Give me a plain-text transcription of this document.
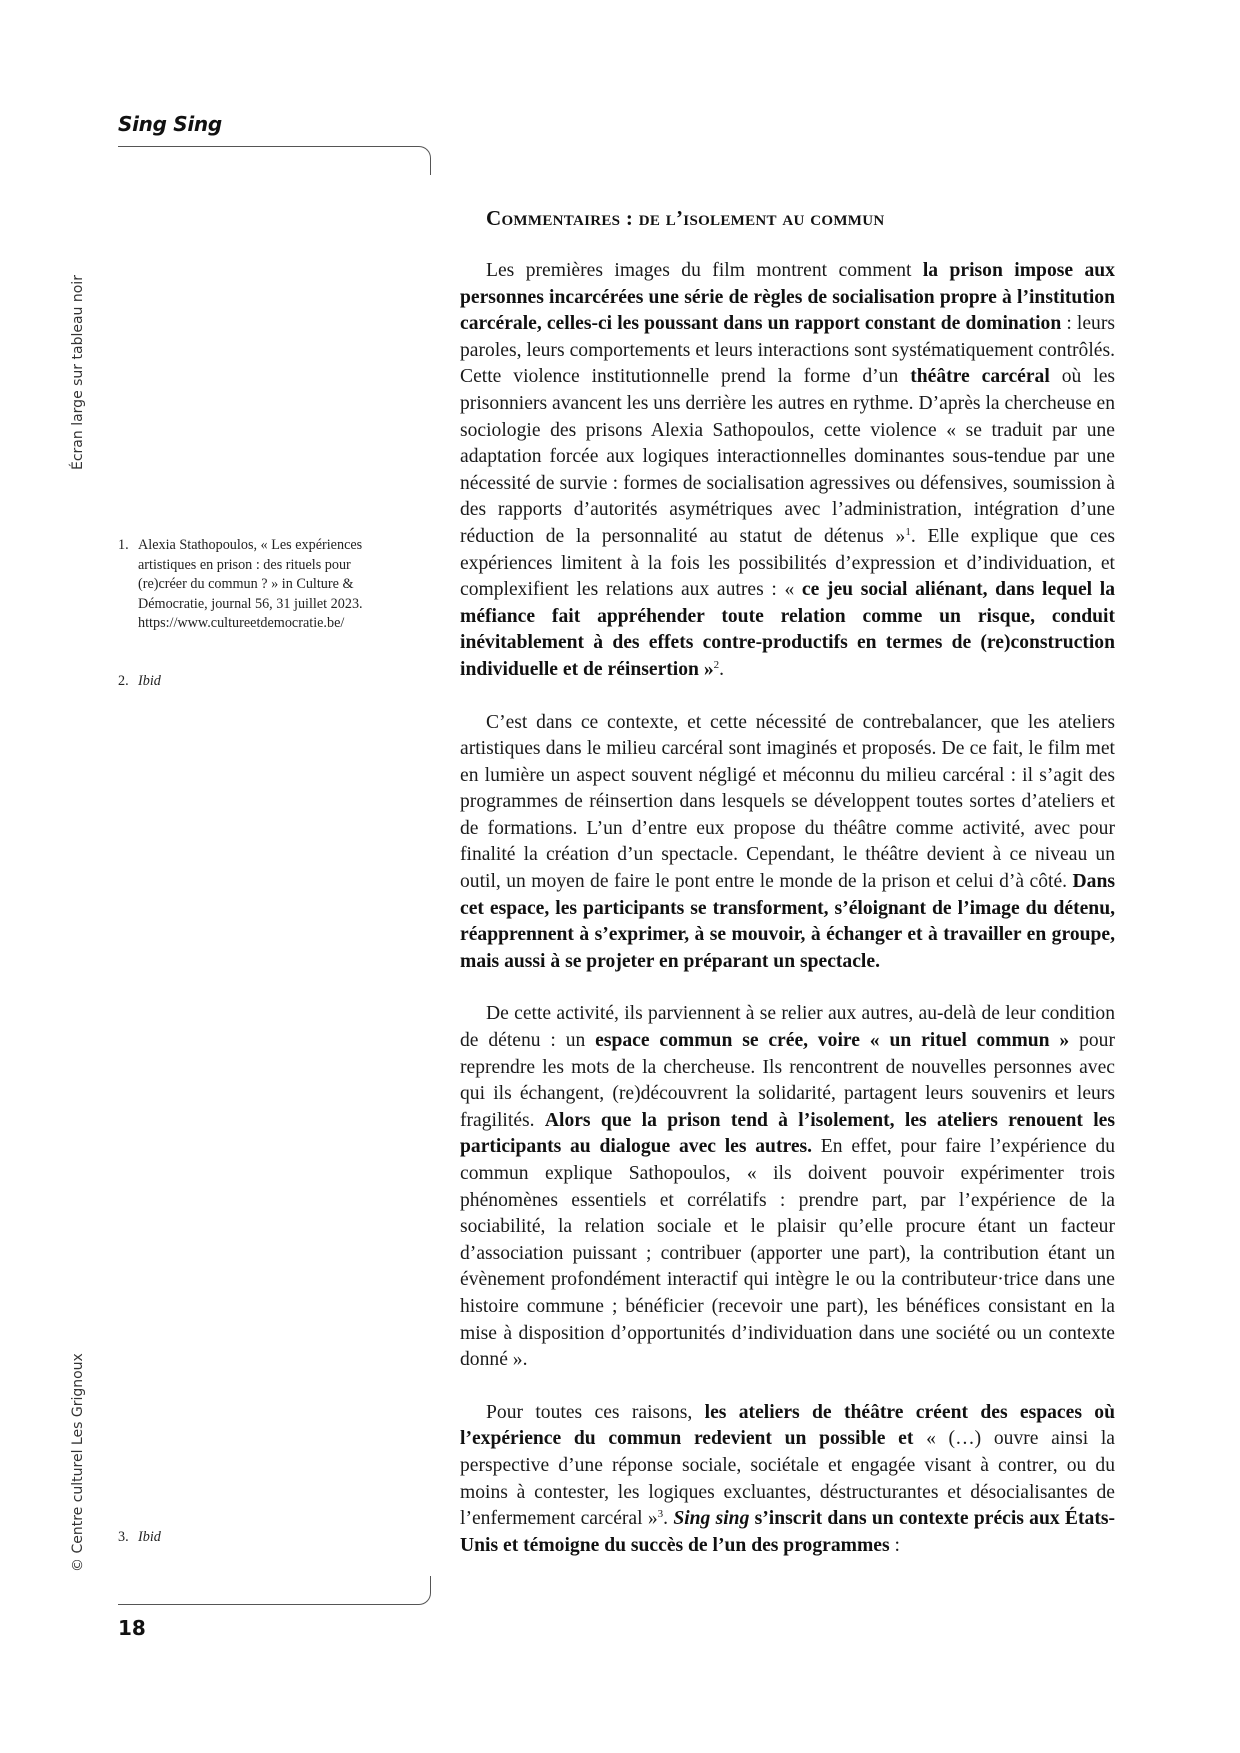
Sing Sing
Écran large sur tableau noir
© Centre culturel Les Grignoux
Commentaires : de l’isolement au commun

Les premières images du film montrent comment la prison impose aux personnes incarcérées une série de règles de socialisation propre à l’institution carcérale, celles-ci les poussant dans un rapport constant de domination : leurs paroles, leurs comportements et leurs interactions sont systématiquement contrôlés. Cette violence institutionnelle prend la forme d’un théâtre carcéral où les prisonniers avancent les uns derrière les autres en rythme. D’après la chercheuse en sociologie des prisons Alexia Sathopoulos, cette violence « se traduit par une adaptation forcée aux logiques interactionnelles dominantes sous-tendue par une nécessité de survie : formes de socialisation agressives ou défensives, soumission à des rapports d’autorités asymétriques avec l’administration, intégration d’une réduction de la personnalité au statut de détenus »$^1$. Elle explique que ces expériences limitent à la fois les possibilités d’expression et d’individuation, et complexifient les relations aux autres : « ce jeu social aliénant, dans lequel la méfiance fait appréhender toute relation comme un risque, conduit inévitablement à des effets contre-productifs en termes de (re)construction individuelle et de réinsertion »$^2$.

C’est dans ce contexte, et cette nécessité de contrebalancer, que les ateliers artistiques dans le milieu carcéral sont imaginés et proposés. De ce fait, le film met en lumière un aspect souvent négligé et méconnu du milieu carcéral : il s’agit des programmes de réinsertion dans lesquels se développent toutes sortes d’ateliers et de formations. L’un d’entre eux propose du théâtre comme activité, avec pour finalité la création d’un spectacle. Cependant, le théâtre devient à ce niveau un outil, un moyen de faire le pont entre le monde de la prison et celui d’à côté. Dans cet espace, les participants se transforment, s’éloignant de l’image du détenu, réapprennent à s’exprimer, à se mouvoir, à échanger et à travailler en groupe, mais aussi à se projeter en préparant un spectacle.

De cette activité, ils parviennent à se relier aux autres, au-delà de leur condition de détenu : un espace commun se crée, voire « un rituel commun » pour reprendre les mots de la chercheuse. Ils rencontrent de nouvelles personnes avec qui ils échangent, (re)découvrent la solidarité, partagent leurs souvenirs et leurs fragilités. Alors que la prison tend à l’isolement, les ateliers renouent les participants au dialogue avec les autres. En effet, pour faire l’expérience du commun explique Sathopoulos, « ils doivent pouvoir expérimenter trois phénomènes essentiels et corrélatifs : prendre part, par l’expérience de la sociabilité, la relation sociale et le plaisir qu’elle procure étant un facteur d’association puissant ; contribuer (apporter une part), la contribution étant un évènement profondément interactif qui intègre le ou la contributeur·trice dans une histoire commune ; bénéficier (recevoir une part), les bénéfices consistant en la mise à disposition d’opportunités d’individuation dans une société ou un contexte donné ».

Pour toutes ces raisons, les ateliers de théâtre créent des espaces où l’expérience du commun redevient un possible et « (…) ouvre ainsi la perspective d’une réponse sociale, sociétale et engagée visant à contrer, ou du moins à contester, les logiques excluantes, déstructurantes et désocialisantes de l’enfermement carcéral »$^3$. Sing sing s’inscrit dans un contexte précis aux États-Unis et témoigne du succès de l’un des programmes :

1. Alexia Stathopoulos, « Les expériences artistiques en prison : des rituels pour (re)créer du commun ? » in Culture & Démocratie, journal 56, 31 juillet 2023. https://www.cultureetdemocratie.be/
2. Ibid
3. Ibid
18
